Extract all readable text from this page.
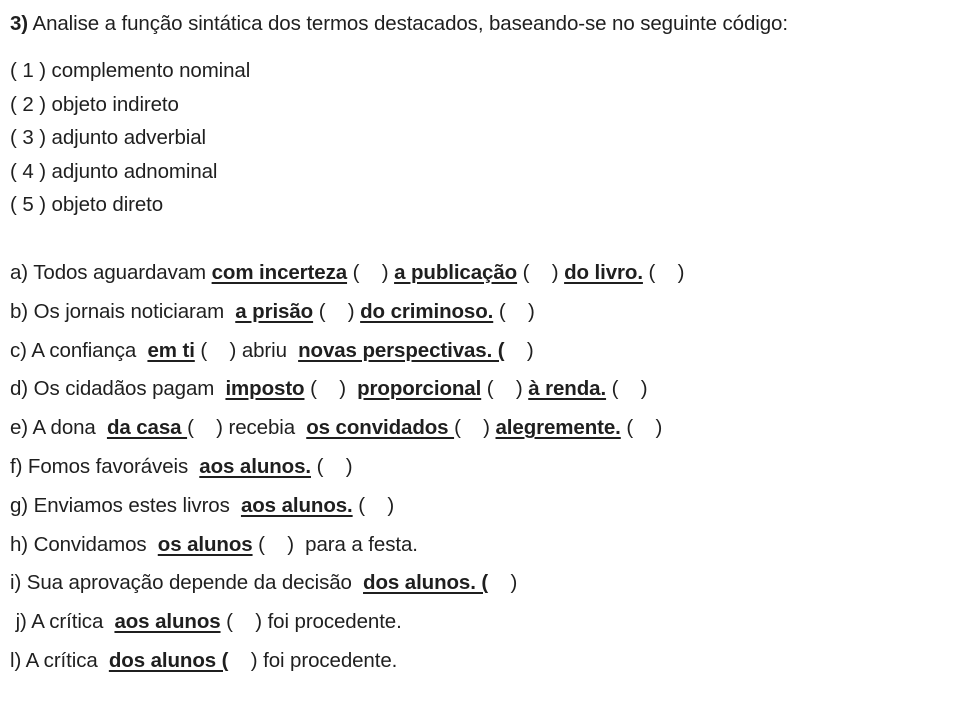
3) Analise a função sintática dos termos destacados, baseando-se no seguinte código:
( 1 ) complemento nominal
( 2 ) objeto indireto
( 3 ) adjunto adverbial
( 4 ) adjunto adnominal
( 5 ) objeto direto
a) Todos aguardavam com incerteza (    ) a publicação (    ) do livro. (    )
b) Os jornais noticiaram  a prisão (    ) do criminoso. (    )
c) A confiança  em ti (    ) abriu  novas perspectivas. (    )
d) Os cidadãos pagam  imposto (    )  proporcional (    ) à renda. (    )
e) A dona  da casa (    ) recebia  os convidados (    ) alegremente. (    )
f) Fomos favoráveis  aos alunos. (    )
g) Enviamos estes livros  aos alunos. (    )
h) Convidamos  os alunos (    )  para a festa.
i) Sua aprovação depende da decisão  dos alunos. (    )
j) A crítica  aos alunos (    ) foi procedente.
l) A crítica  dos alunos (    ) foi procedente.
